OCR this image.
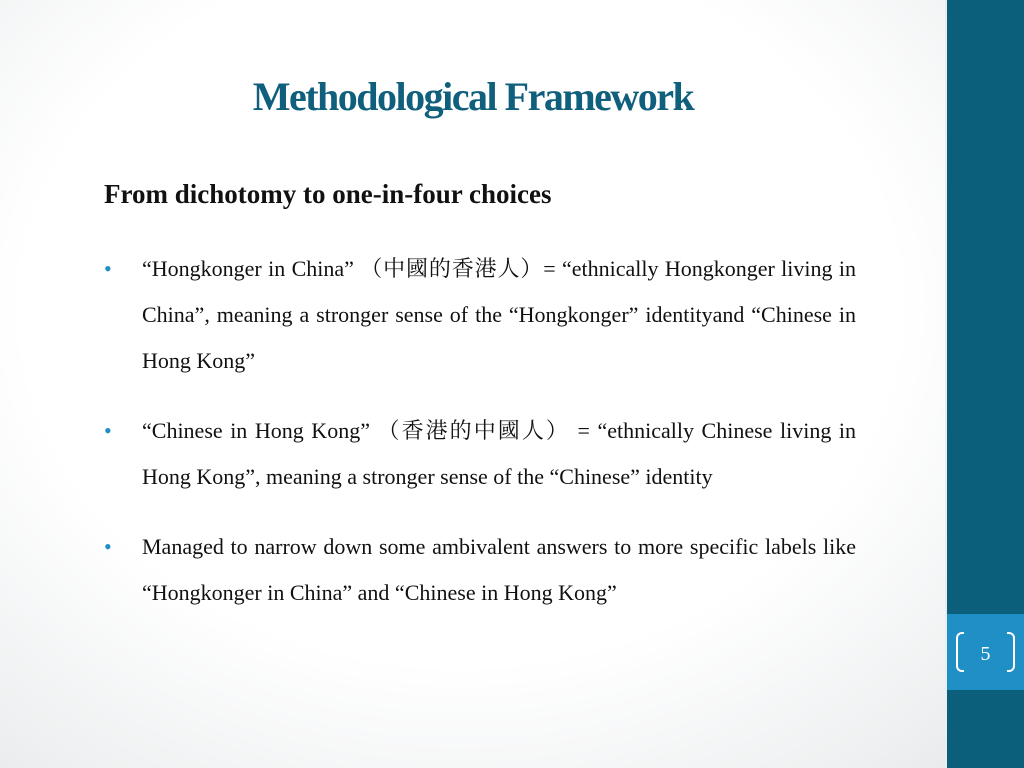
5
Methodological Framework
From dichotomy to one-in-four choices
• “Hongkonger in China” （中國的香港人）= “ethnically Hongkonger living in China”, meaning a stronger sense of the “Hongkonger” identityand “Chinese in Hong Kong”
• “Chinese in Hong Kong” （香港的中國人） = “ethnically Chinese living in Hong Kong”, meaning a stronger sense of the “Chinese” identity
• Managed to narrow down some ambivalent answers to more specific labels like “Hongkonger in China” and “Chinese in Hong Kong”
